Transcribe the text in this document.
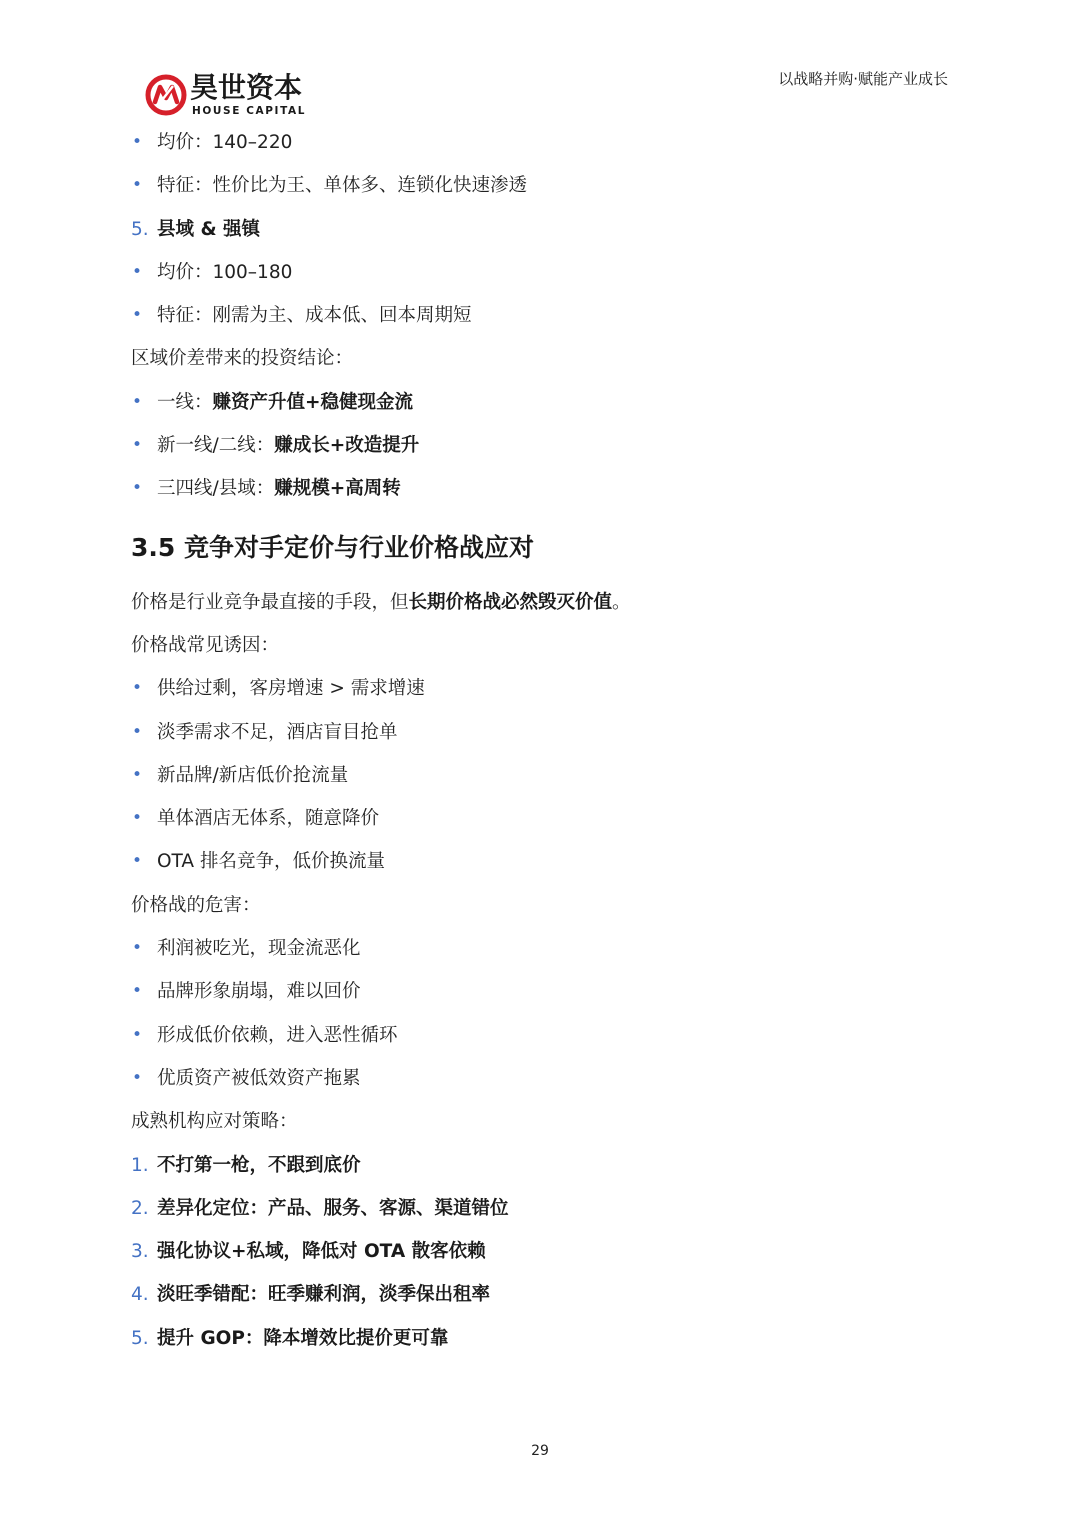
昊世资本
HOUSE CAPITAL
以战略并购·赋能产业成长
• 均价：140–220
• 特征：性价比为王、单体多、连锁化快速渗透
5. 县域 & 强镇
• 均价：100–180
• 特征：刚需为主、成本低、回本周期短
区域价差带来的投资结论：
• 一线：赚资产升值+稳健现金流
• 新一线/二线：赚成长+改造提升
• 三四线/县域：赚规模+高周转
3.5 竞争对手定价与行业价格战应对
价格是行业竞争最直接的手段，但长期价格战必然毁灭价值。
价格战常见诱因：
• 供给过剩，客房增速 > 需求增速
• 淡季需求不足，酒店盲目抢单
• 新品牌/新店低价抢流量
• 单体酒店无体系，随意降价
• OTA 排名竞争，低价换流量
价格战的危害：
• 利润被吃光，现金流恶化
• 品牌形象崩塌，难以回价
• 形成低价依赖，进入恶性循环
• 优质资产被低效资产拖累
成熟机构应对策略：
1. 不打第一枪，不跟到底价
2. 差异化定位：产品、服务、客源、渠道错位
3. 强化协议+私域，降低对 OTA 散客依赖
4. 淡旺季错配：旺季赚利润，淡季保出租率
5. 提升 GOP：降本增效比提价更可靠
29
